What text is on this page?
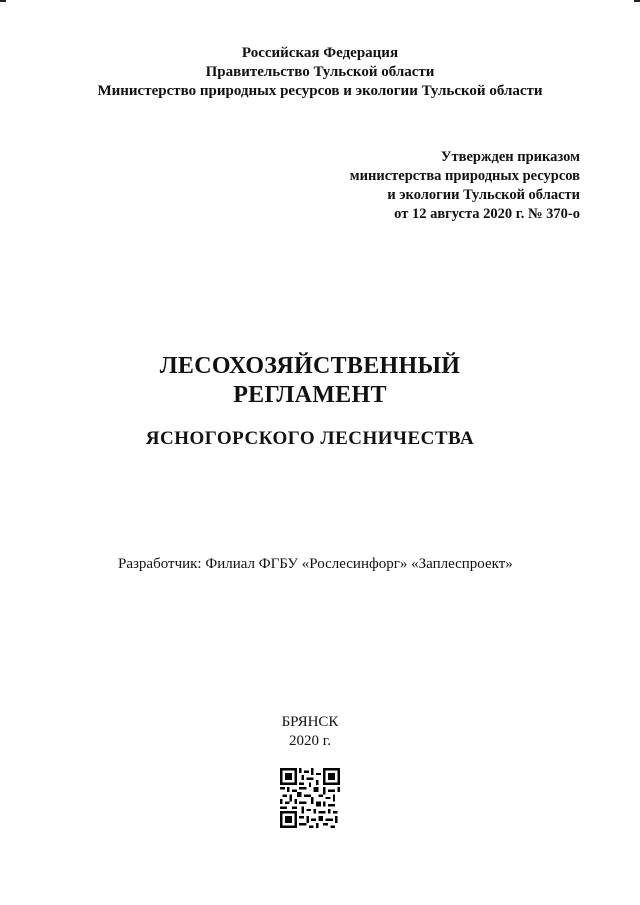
Российская Федерация
Правительство Тульской области
Министерство природных ресурсов и экологии Тульской области
Утвержден приказом
министерства природных ресурсов
и экологии Тульской области
от 12 августа 2020 г. № 370-о
ЛЕСОХОЗЯЙСТВЕННЫЙ
РЕГЛАМЕНТ
ЯСНОГОРСКОГО ЛЕСНИЧЕСТВА
Разработчик: Филиал ФГБУ «Рослесинфорг» «Заплеспроект»
БРЯНСК
2020 г.
